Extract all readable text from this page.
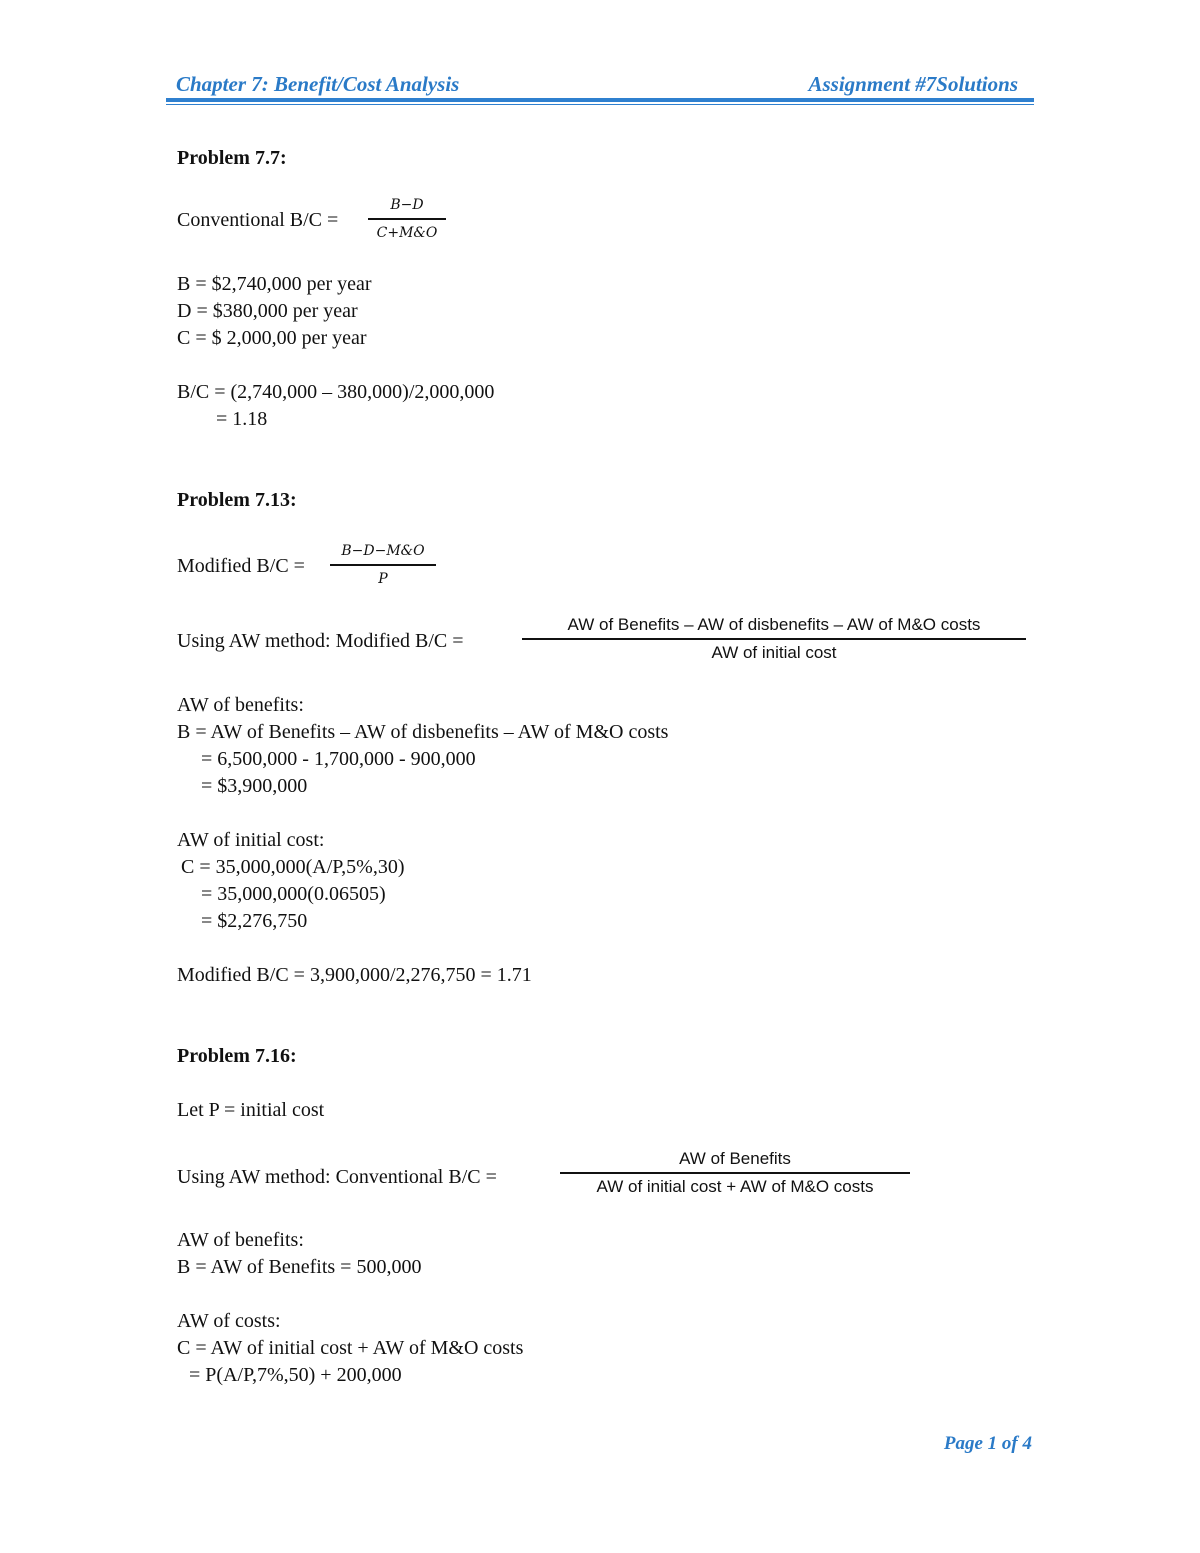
Chapter 7: Benefit/Cost Analysis	Assignment #7Solutions
Problem 7.7:
Conventional B/C =
B−D
C+M&O
B = $2,740,000 per year
D = $380,000 per year
C = $ 2,000,00 per year
B/C = (2,740,000 – 380,000)/2,000,000
= 1.18
Problem 7.13:
Modified B/C =
B−D−M&O
P
Using AW method: Modified B/C =
AW of Benefits – AW of disbenefits – AW of M&O costs
AW of initial cost
AW of benefits:
B = AW of Benefits – AW of disbenefits – AW of M&O costs
= 6,500,000 - 1,700,000 - 900,000
= $3,900,000
AW of initial cost:
C = 35,000,000(A/P,5%,30)
= 35,000,000(0.06505)
= $2,276,750
Modified B/C = 3,900,000/2,276,750 = 1.71
Problem 7.16:
Let P = initial cost
Using AW method: Conventional B/C =
AW of Benefits
AW of initial cost + AW of M&O costs
AW of benefits:
B = AW of Benefits = 500,000
AW of costs:
C = AW of initial cost + AW of M&O costs
= P(A/P,7%,50) + 200,000
Page 1 of 4
